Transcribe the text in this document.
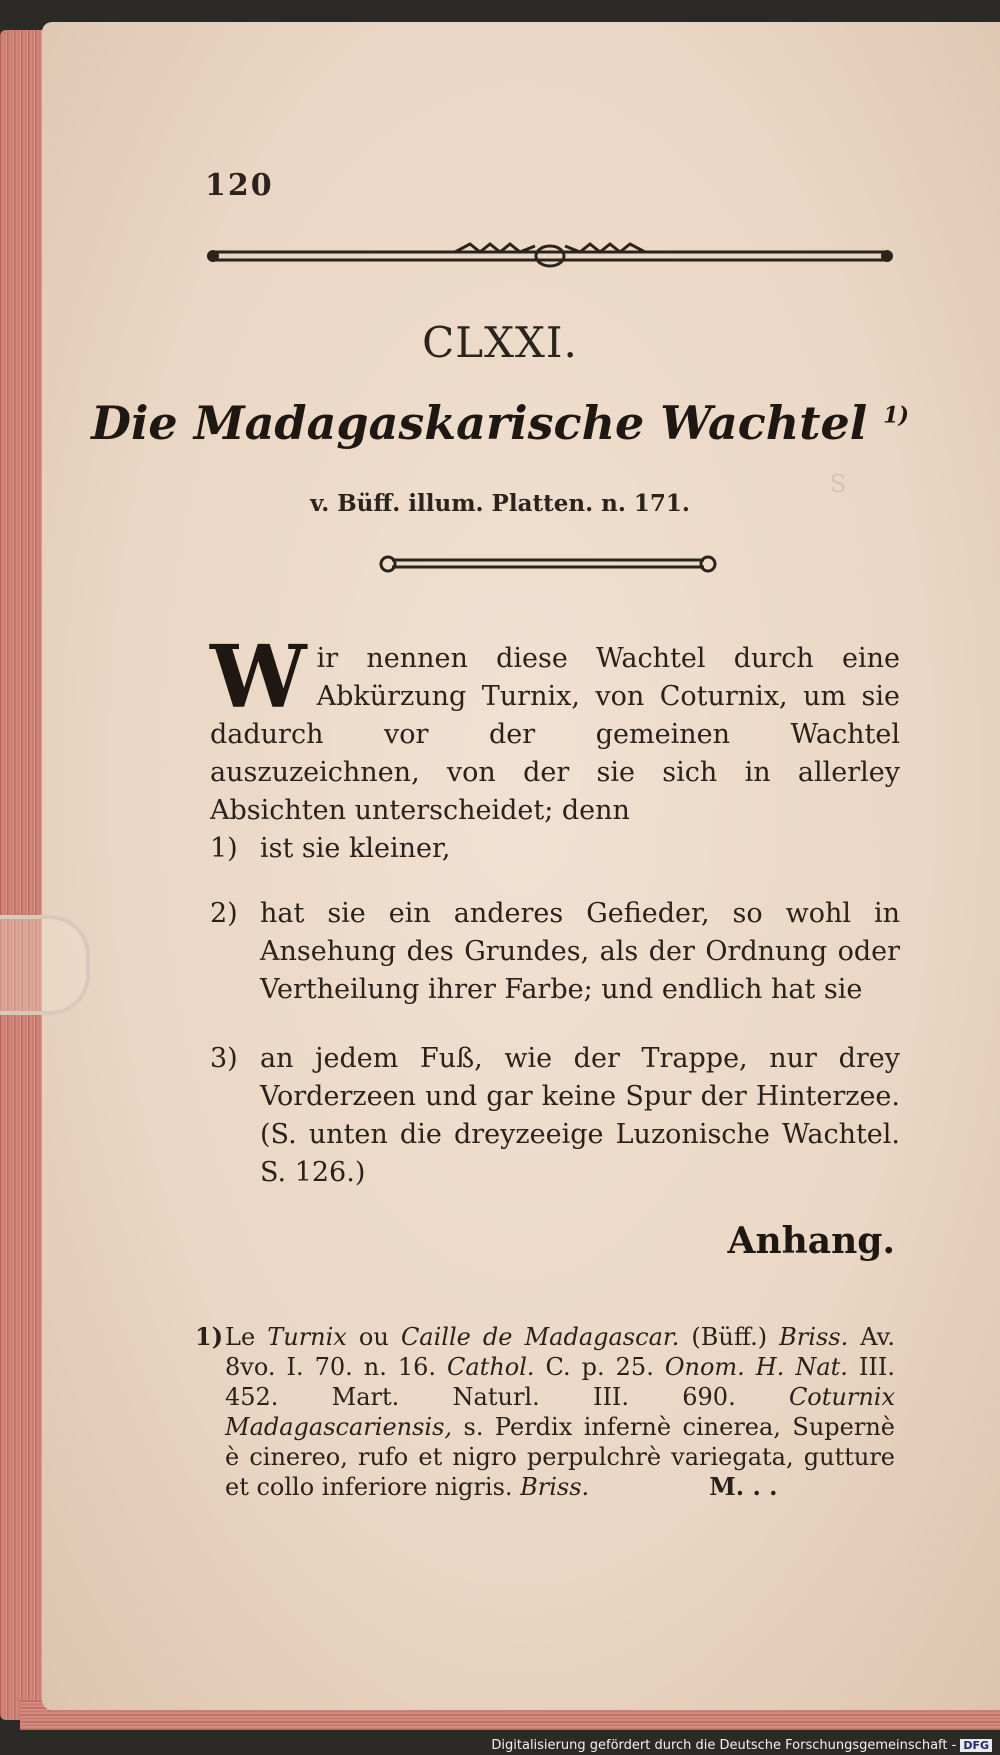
S
120
CLXXI.
Die Madagaskarische Wachtel $^{1)}$
v. Büff. illum. Platten. n. 171.
W ir nennen diese Wachtel durch eine Abkürzung Turnix, von Coturnix, um sie dadurch vor der gemeinen Wachtel auszuzeichnen, von der sie sich in allerley Absichten unterscheidet; denn
1) ist sie kleiner,
2) hat sie ein anderes Gefieder, so wohl in Ansehung des Grundes, als der Ordnung oder Vertheilung ihrer Farbe; und endlich hat sie
3) an jedem Fuß, wie der Trappe, nur drey Vorderzeen und gar keine Spur der Hinterzee. (S. unten die dreyzeeige Luzonische Wachtel. S. 126.)
Anhang.
1) Le Turnix ou Caille de Madagascar. (Büff.) Briss. Av. 8vo. I. 70. n. 16. Cathol. C. p. 25. Onom. H. Nat. III. 452. Mart. Naturl. III. 690. Coturnix Madagascariensis, s. Perdix infernè cinerea, Supernè è cinereo, rufo et nigro perpulchrè variegata, gutture et collo inferiore nigris. Briss.	M. . .
Digitalisierung gefördert durch die Deutsche Forschungsgemeinschaft - DFG
